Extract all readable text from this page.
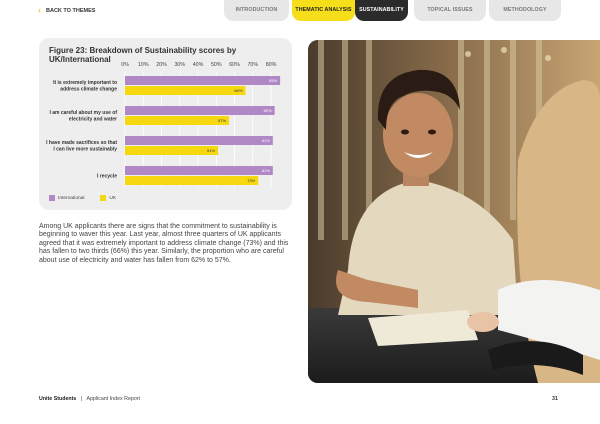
‹ BACK TO THEMES	INTRODUCTION	THEMATIC ANALYSIS	SUSTAINABILITY	TOPICAL ISSUES	METHODOLOGY
Figure 23: Breakdown of Sustainability scores by UK/International
0% 10% 20% 30% 40% 50% 60% 70% 80%
It is extremely important to
address climate change
85%
66%
I am careful about my use of
electricity and water
82%
57%
I have made sacrifices so that
I can live more sustainably
81%
51%
I recycle
81%
73%
International	UK
Among UK applicants there are signs that the commitment to sustainability is beginning to waver this year. Last year, almost three quarters of UK applicants agreed that it was extremely important to address climate change (73%) and this has fallen to two thirds (66%) this year. Similarly, the proportion who are careful about use of electricity and water has fallen from 62% to 57%.
Unite Students | Applicant Index Report	31
